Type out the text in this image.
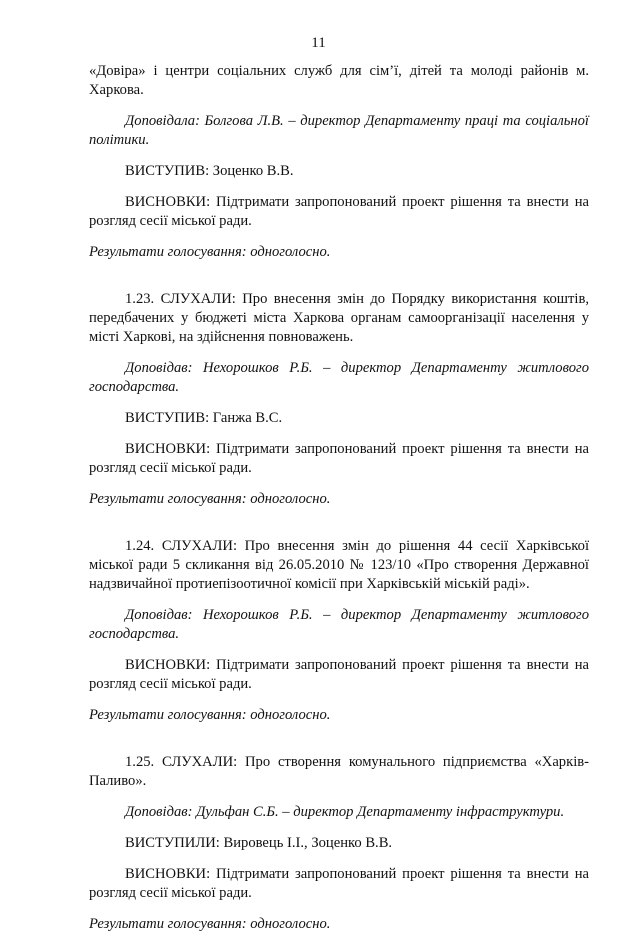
11

«Довіра» і центри соціальних служб для сім’ї, дітей та молоді районів м. Харкова.

Доповідала: Болгова Л.В. – директор Департаменту праці та соціальної політики.

ВИСТУПИВ: Зоценко В.В.

ВИСНОВКИ: Підтримати запропонований проект рішення та внести на розгляд сесії міської ради.

Результати голосування: одноголосно.

1.23. СЛУХАЛИ: Про внесення змін до Порядку використання коштів, передбачених у бюджеті міста Харкова органам самоорганізації населення у місті Харкові, на здійснення повноважень.

Доповідав: Нехорошков Р.Б. – директор Департаменту житлового господарства.

ВИСТУПИВ: Ганжа В.С.

ВИСНОВКИ: Підтримати запропонований проект рішення та внести на розгляд сесії міської ради.

Результати голосування: одноголосно.

1.24. СЛУХАЛИ: Про внесення змін до рішення 44 сесії Харківської міської ради 5 скликання від 26.05.2010 № 123/10 «Про створення Державної надзвичайної протиепізоотичної комісії при Харківській міській раді».

Доповідав: Нехорошков Р.Б. – директор Департаменту житлового господарства.

ВИСНОВКИ: Підтримати запропонований проект рішення та внести на розгляд сесії міської ради.

Результати голосування: одноголосно.

1.25. СЛУХАЛИ: Про створення комунального підприємства «Харків-Паливо».

Доповідав: Дульфан С.Б. – директор Департаменту інфраструктури.

ВИСТУПИЛИ: Вировець І.І., Зоценко В.В.

ВИСНОВКИ: Підтримати запропонований проект рішення та внести на розгляд сесії міської ради.

Результати голосування: одноголосно.
